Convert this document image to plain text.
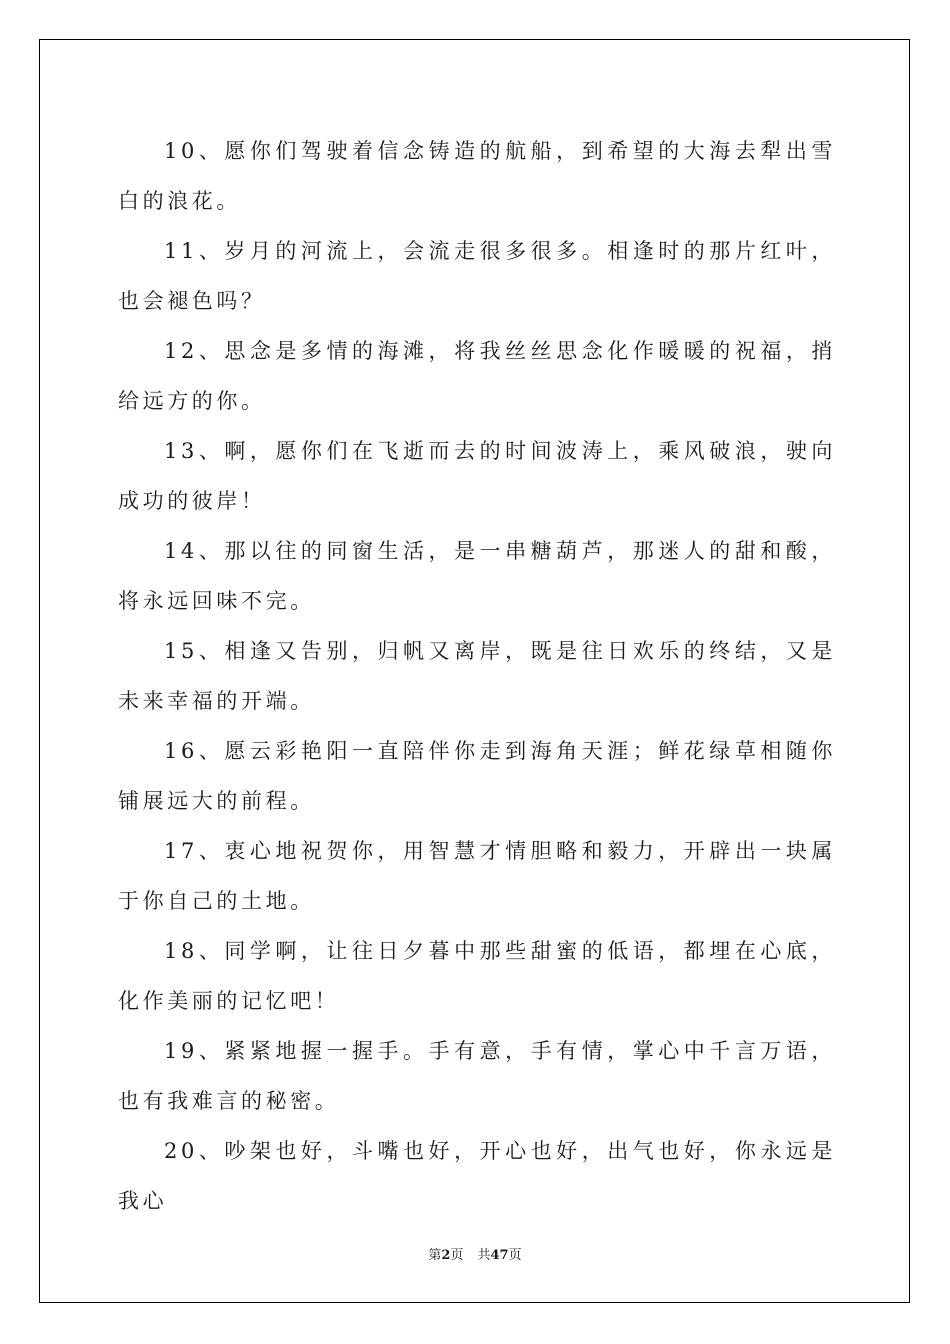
10、愿你们驾驶着信念铸造的航船，到希望的大海去犁出雪白的浪花。

11、岁月的河流上，会流走很多很多。相逢时的那片红叶，也会褪色吗？

12、思念是多情的海滩，将我丝丝思念化作暖暖的祝福，捎给远方的你。

13、啊，愿你们在飞逝而去的时间波涛上，乘风破浪，驶向成功的彼岸！

14、那以往的同窗生活，是一串糖葫芦，那迷人的甜和酸，将永远回味不完。

15、相逢又告别，归帆又离岸，既是往日欢乐的终结，又是未来幸福的开端。

16、愿云彩艳阳一直陪伴你走到海角天涯；鲜花绿草相随你铺展远大的前程。

17、衷心地祝贺你，用智慧才情胆略和毅力，开辟出一块属于你自己的土地。

18、同学啊，让往日夕暮中那些甜蜜的低语，都埋在心底，化作美丽的记忆吧！

19、紧紧地握一握手。手有意，手有情，掌心中千言万语，也有我难言的秘密。

20、吵架也好，斗嘴也好，开心也好，出气也好，你永远是我心

第2页 共47页
